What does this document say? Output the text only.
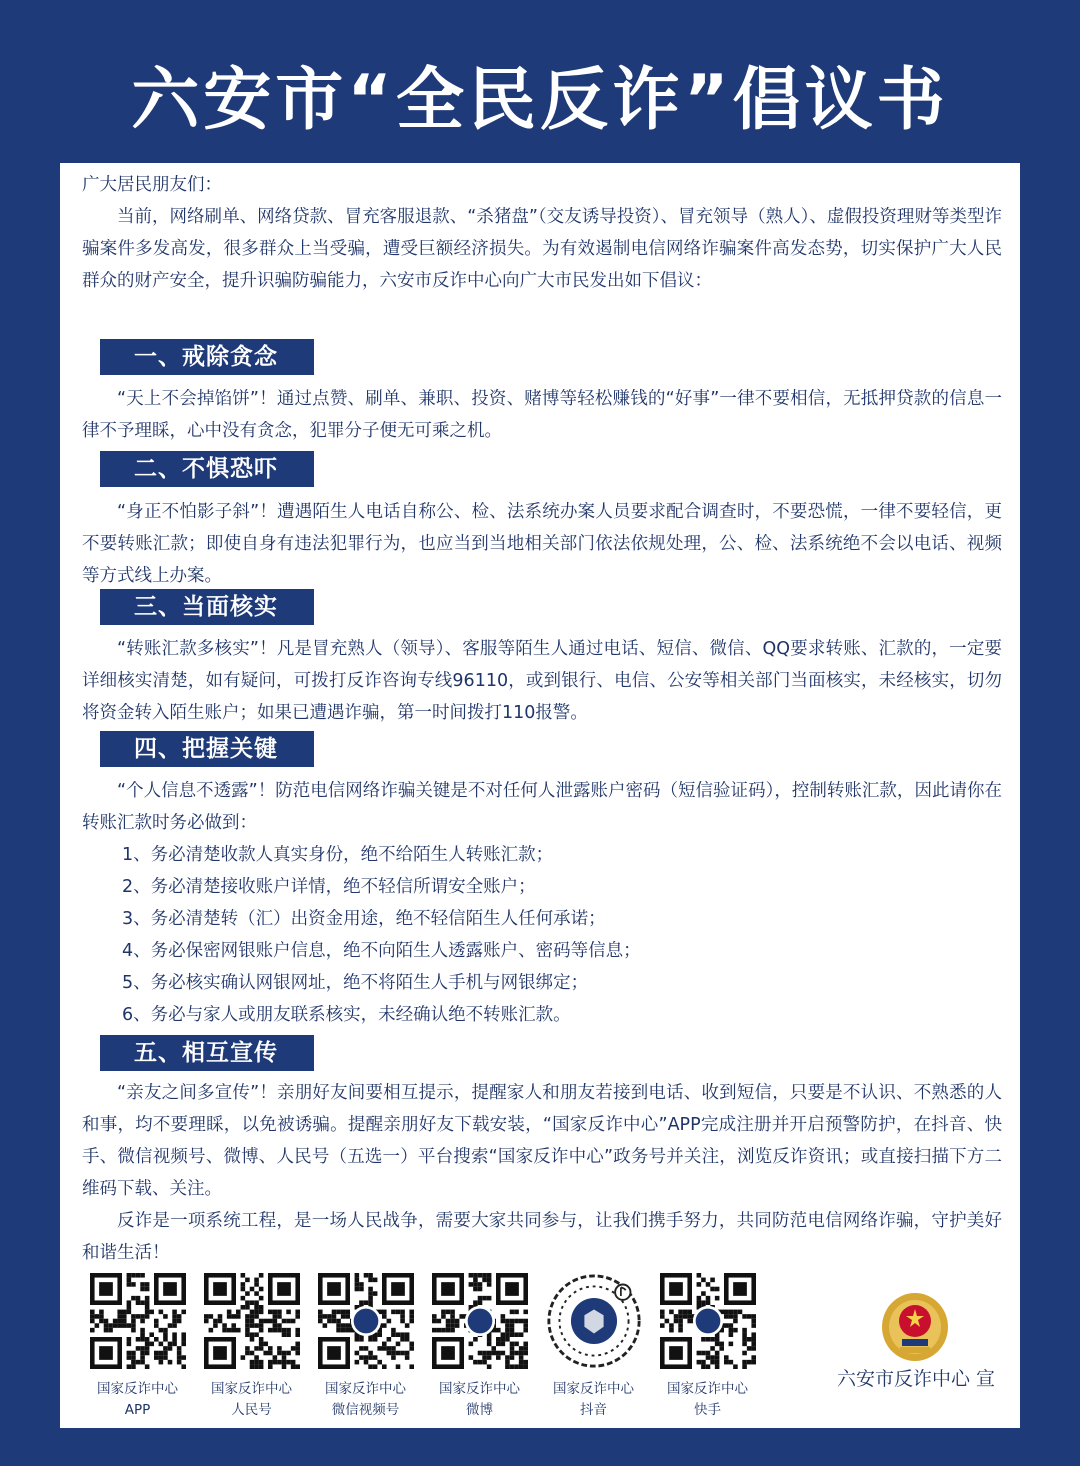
六安市“全民反诈”倡议书

广大居民朋友们：

当前，网络刷单、网络贷款、冒充客服退款、“杀猪盘”（交友诱导投资）、冒充领导（熟人）、虚假投资理财等类型诈骗案件多发高发，很多群众上当受骗，遭受巨额经济损失。为有效遏制电信网络诈骗案件高发态势，切实保护广大人民群众的财产安全，提升识骗防骗能力，六安市反诈中心向广大市民发出如下倡议：

一、戒除贪念
“天上不会掉馅饼”！通过点赞、刷单、兼职、投资、赌博等轻松赚钱的“好事”一律不要相信，无抵押贷款的信息一律不予理睬，心中没有贪念，犯罪分子便无可乘之机。
二、不惧恐吓
“身正不怕影子斜”！遭遇陌生人电话自称公、检、法系统办案人员要求配合调查时，不要恐慌，一律不要轻信，更不要转账汇款；即使自身有违法犯罪行为，也应当到当地相关部门依法依规处理，公、检、法系统绝不会以电话、视频等方式线上办案。
三、当面核实
“转账汇款多核实”！凡是冒充熟人（领导）、客服等陌生人通过电话、短信、微信、QQ要求转账、汇款的，一定要详细核实清楚，如有疑问，可拨打反诈咨询专线96110，或到银行、电信、公安等相关部门当面核实，未经核实，切勿将资金转入陌生账户；如果已遭遇诈骗，第一时间拨打110报警。
四、把握关键

“个人信息不透露”！防范电信网络诈骗关键是不对任何人泄露账户密码（短信验证码），控制转账汇款，因此请你在转账汇款时务必做到：

1、务必清楚收款人真实身份，绝不给陌生人转账汇款；
2、务必清楚接收账户详情，绝不轻信所谓安全账户；
3、务必清楚转（汇）出资金用途，绝不轻信陌生人任何承诺；
4、务必保密网银账户信息，绝不向陌生人透露账户、密码等信息；
5、务必核实确认网银网址，绝不将陌生人手机与网银绑定；
6、务必与家人或朋友联系核实，未经确认绝不转账汇款。
五、相互宣传

“亲友之间多宣传”！亲朋好友间要相互提示，提醒家人和朋友若接到电话、收到短信，只要是不认识、不熟悉的人和事，均不要理睬，以免被诱骗。提醒亲朋好友下载安装，“国家反诈中心”APP完成注册并开启预警防护，在抖音、快手、微信视频号、微博、人民号（五选一）平台搜索“国家反诈中心”政务号并关注，浏览反诈资讯；或直接扫描下方二维码下载、关注。

反诈是一项系统工程，是一场人民战争，需要大家共同参与，让我们携手努力，共同防范电信网络诈骗，守护美好和谐生活！

国家反诈中心
APP
国家反诈中心
人民号
国家反诈中心
微信视频号
国家反诈中心
微博
国家反诈中心
抖音
国家反诈中心
快手
六安市反诈中心 宣
